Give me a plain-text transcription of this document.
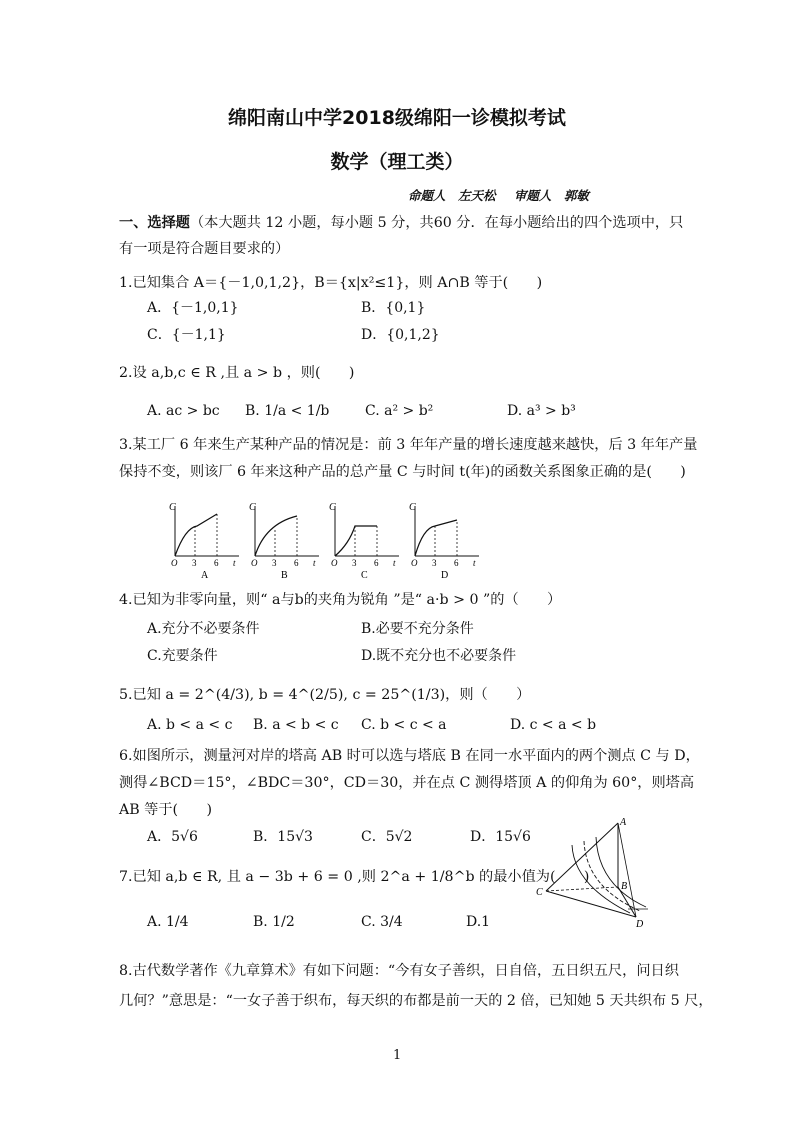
绵阳南山中学2018级绵阳一诊模拟考试
数学（理工类）
命题人　左天松 审题人　郭敏
一、选择题（本大题共 12 小题，每小题 5 分，共60 分．在每小题给出的四个选项中，只
有一项是符合题目要求的）
1.已知集合 A＝{－1,0,1,2}，B＝{x|x²≤1}，则 A∩B 等于(　　)
A．{－1,0,1}	B．{0,1}
C．{－1,1}	D．{0,1,2}
2.设 a,b,c ∈ R ,且 a > b ，则(　　)
A. ac > bc B. 1/a < 1/b	C. a² > b²	D. a³ > b³
3.某工厂 6 年来生产某种产品的情况是：前 3 年年产量的增长速度越来越快，后 3 年年产量
保持不变，则该厂 6 年来这种产品的总产量 C 与时间 t(年)的函数关系图象正确的是(　　)
C
O 3 6 t
A
C
O 3 6 t
B
C
O 3 6 t
C
C
O 3 6 t
D
4.已知为非零向量，则“ a与b的夹角为锐角 ”是“ a·b > 0 ”的（　　）
A.充分不必要条件	B.必要不充分条件
C.充要条件	D.既不充分也不必要条件
5.已知 a = 2^(4/3), b = 4^(2/5), c = 25^(1/3)，则（　　）
A. b < a < c B. a < b < c C. b < c < a	D. c < a < b
6.如图所示，测量河对岸的塔高 AB 时可以选与塔底 B 在同一水平面内的两个测点 C 与 D，
测得∠BCD＝15°，∠BDC＝30°，CD＝30，并在点 C 测得塔顶 A 的仰角为 60°，则塔高
AB 等于(　　)
A．5√6	B．15√3	C．5√2	D．15√6
A
B
C
D
7.已知 a,b ∈ R, 且 a − 3b + 6 = 0 ,则 2^a + 1/8^b 的最小值为(　　)
A. 1/4	B. 1/2	C. 3/4	D.1
8.古代数学著作《九章算术》有如下问题：“今有女子善织，日自倍，五日织五尺，问日织
几何？”意思是：“一女子善于织布，每天织的布都是前一天的 2 倍，已知她 5 天共织布 5 尺，
1
